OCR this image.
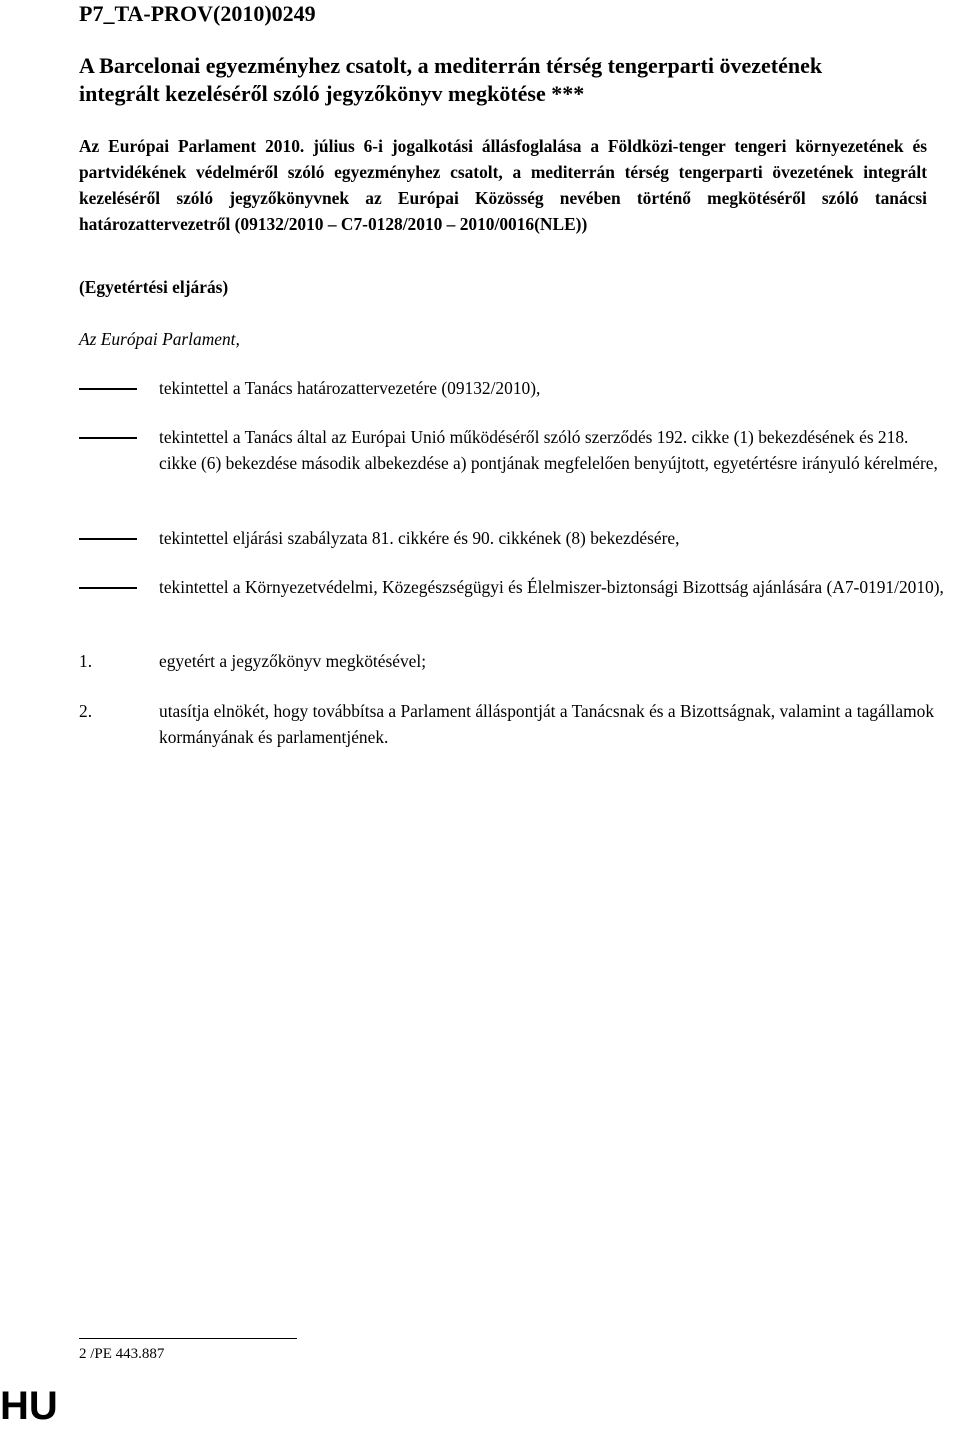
P7_TA-PROV(2010)0249
A Barcelonai egyezményhez csatolt, a mediterrán térség tengerparti övezetének integrált kezeléséről szóló jegyzőkönyv megkötése ***
Az Európai Parlament 2010. július 6-i jogalkotási állásfoglalása a Földközi-tenger tengeri környezetének és partvidékének védelméről szóló egyezményhez csatolt, a mediterrán térség tengerparti övezetének integrált kezeléséről szóló jegyzőkönyvnek az Európai Közösség nevében történő megkötéséről szóló tanácsi határozattervezetről (09132/2010 – C7-0128/2010 – 2010/0016(NLE))
(Egyetértési eljárás)
Az Európai Parlament,
tekintettel a Tanács határozattervezetére (09132/2010),
tekintettel a Tanács által az Európai Unió működéséről szóló szerződés 192. cikke (1) bekezdésének és 218. cikke (6) bekezdése második albekezdése a) pontjának megfelelően benyújtott, egyetértésre irányuló kérelmére,
tekintettel eljárási szabályzata 81. cikkére és 90. cikkének (8) bekezdésére,
tekintettel a Környezetvédelmi, Közegészségügyi és Élelmiszer-biztonsági Bizottság ajánlására (A7-0191/2010),
1.	egyetért a jegyzőkönyv megkötésével;
2.	utasítja elnökét, hogy továbbítsa a Parlament álláspontját a Tanácsnak és a Bizottságnak, valamint a tagállamok kormányának és parlamentjének.
2 /PE 443.887
HU
